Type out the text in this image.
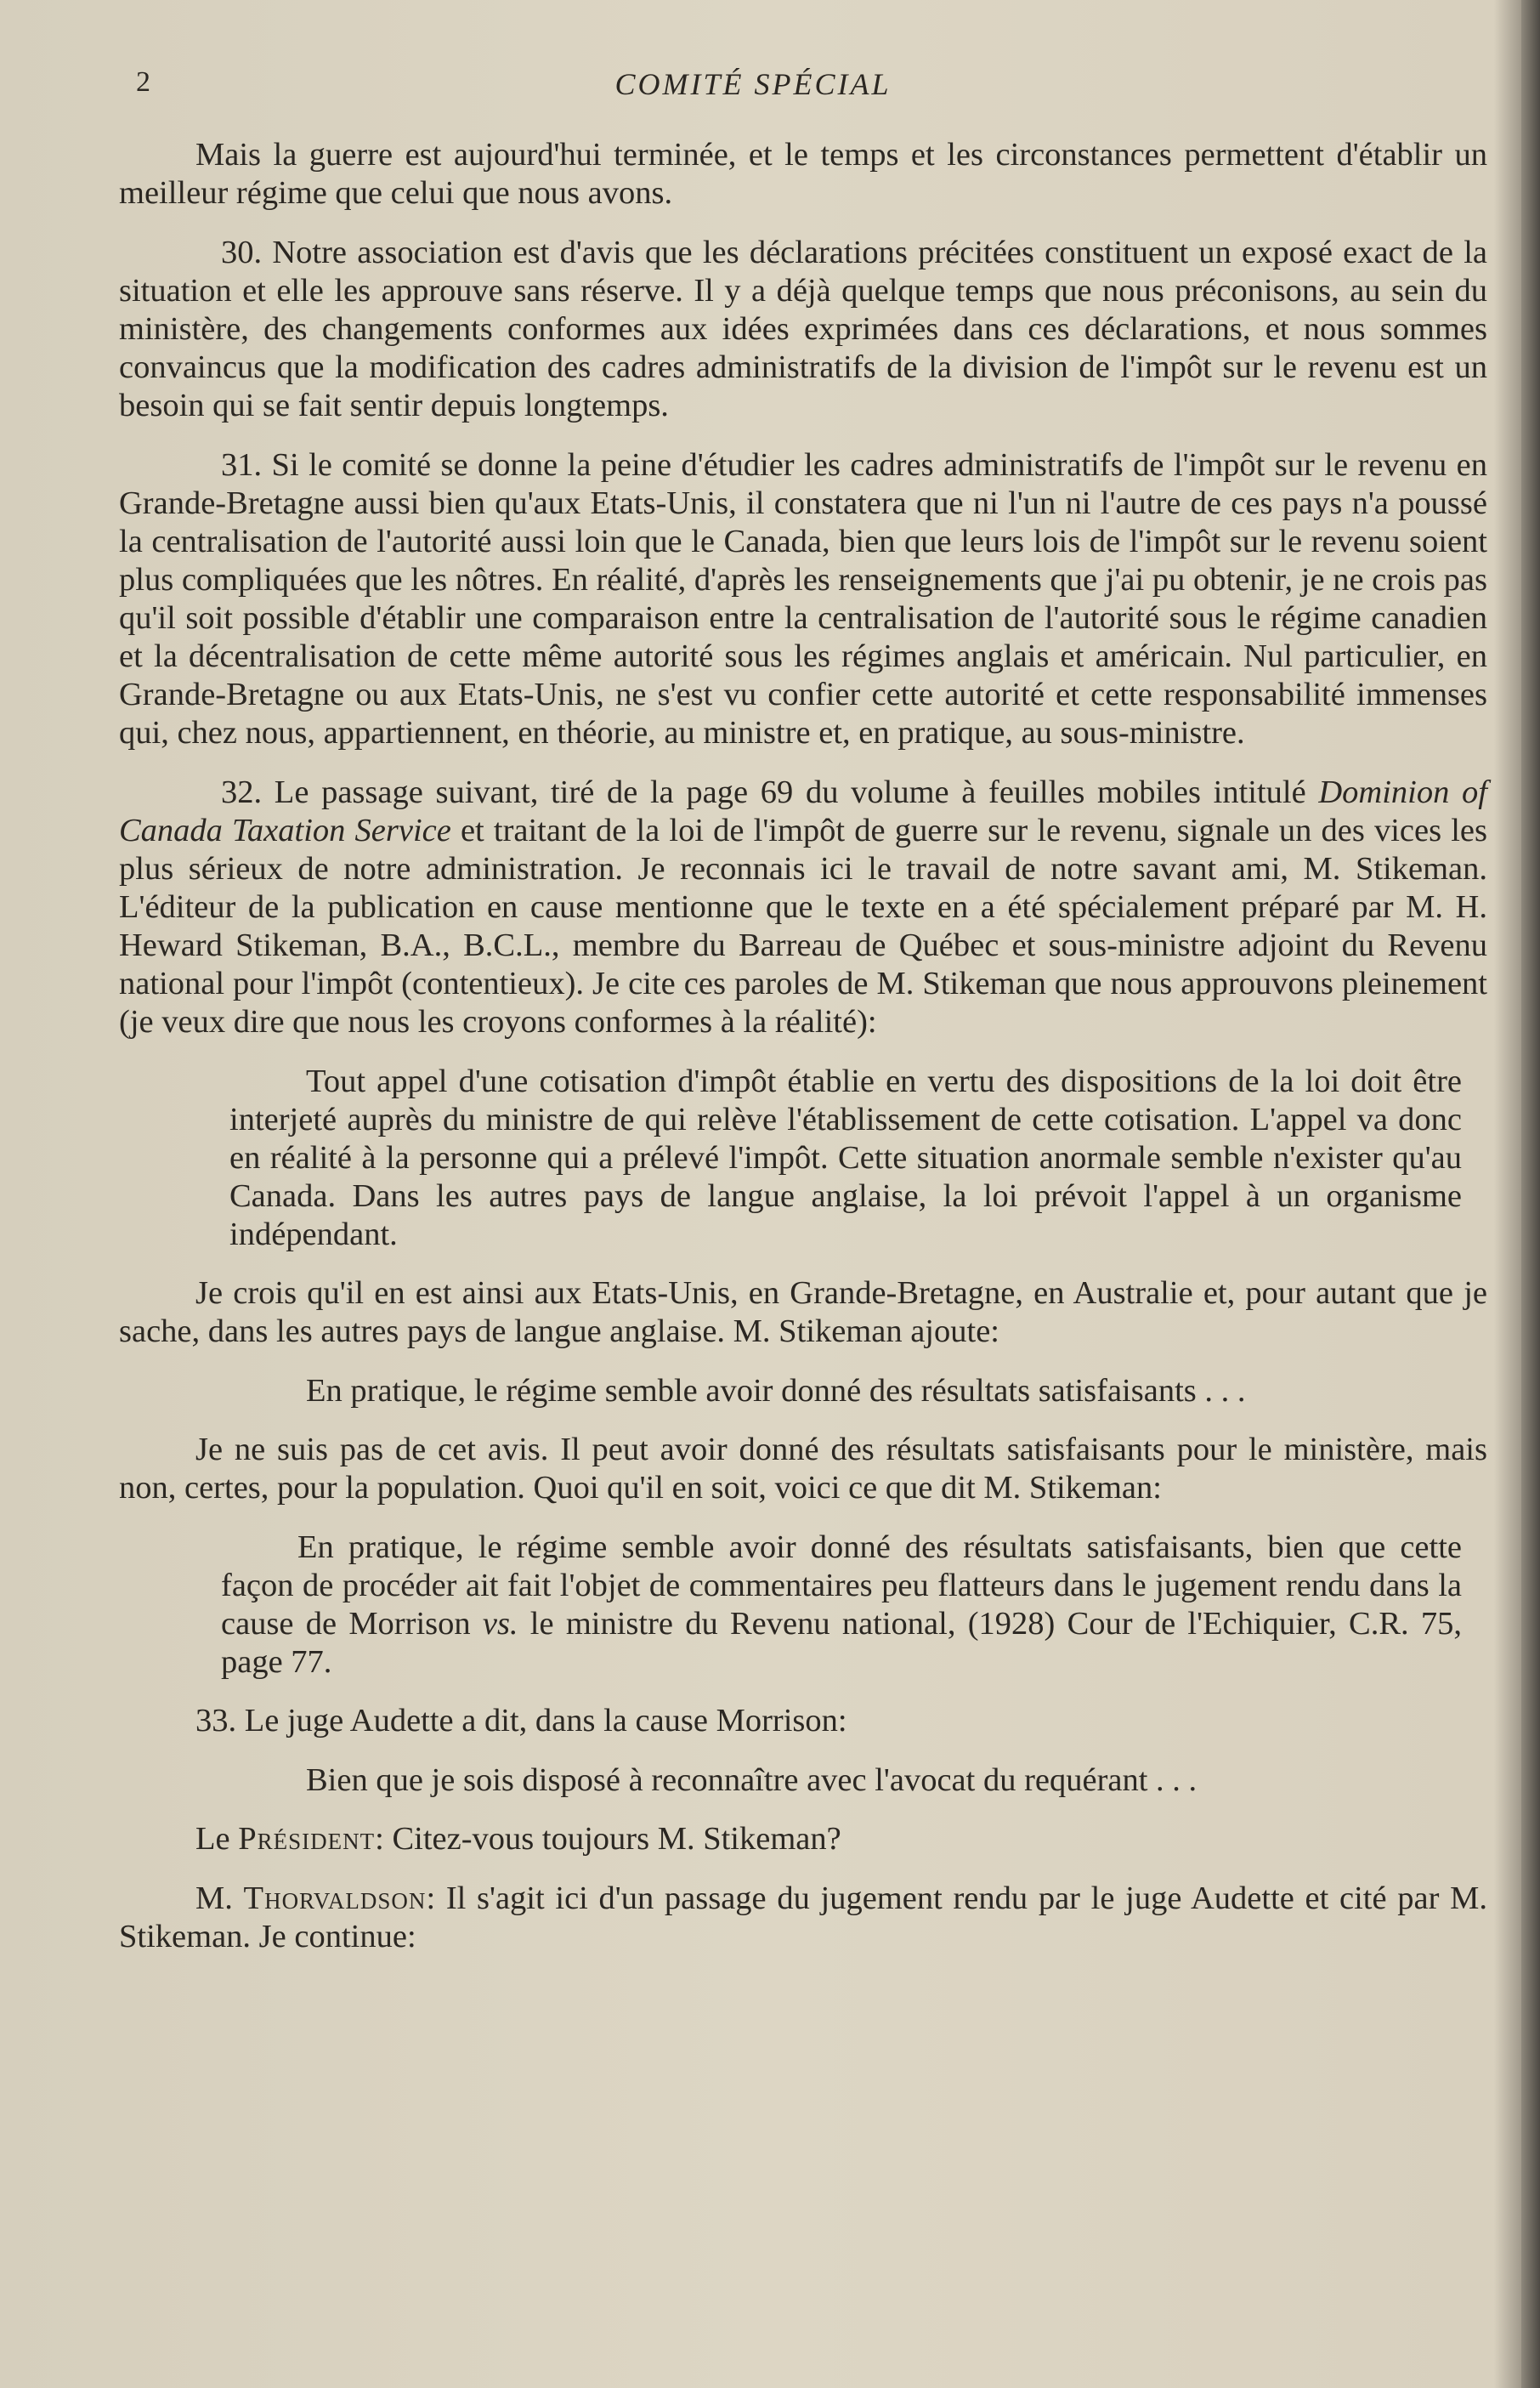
2	COMITÉ SPÉCIAL

Mais la guerre est aujourd'hui terminée, et le temps et les circonstances permettent d'établir un meilleur régime que celui que nous avons.

30. Notre association est d'avis que les déclarations précitées constituent un exposé exact de la situation et elle les approuve sans réserve. Il y a déjà quelque temps que nous préconisons, au sein du ministère, des changements conformes aux idées exprimées dans ces déclarations, et nous sommes convaincus que la modification des cadres administratifs de la division de l'impôt sur le revenu est un besoin qui se fait sentir depuis longtemps.

31. Si le comité se donne la peine d'étudier les cadres administratifs de l'impôt sur le revenu en Grande-Bretagne aussi bien qu'aux Etats-Unis, il constatera que ni l'un ni l'autre de ces pays n'a poussé la centralisation de l'autorité aussi loin que le Canada, bien que leurs lois de l'impôt sur le revenu soient plus compliquées que les nôtres. En réalité, d'après les renseignements que j'ai pu obtenir, je ne crois pas qu'il soit possible d'établir une comparaison entre la centralisation de l'autorité sous le régime canadien et la décentralisation de cette même autorité sous les régimes anglais et américain. Nul particulier, en Grande-Bretagne ou aux Etats-Unis, ne s'est vu confier cette autorité et cette responsabilité immenses qui, chez nous, appartiennent, en théorie, au ministre et, en pratique, au sous-ministre.

32. Le passage suivant, tiré de la page 69 du volume à feuilles mobiles intitulé Dominion of Canada Taxation Service et traitant de la loi de l'impôt de guerre sur le revenu, signale un des vices les plus sérieux de notre administration. Je reconnais ici le travail de notre savant ami, M. Stikeman. L'éditeur de la publication en cause mentionne que le texte en a été spécialement préparé par M. H. Heward Stikeman, B.A., B.C.L., membre du Barreau de Québec et sous-ministre adjoint du Revenu national pour l'impôt (contentieux). Je cite ces paroles de M. Stikeman que nous approuvons pleinement (je veux dire que nous les croyons conformes à la réalité):

Tout appel d'une cotisation d'impôt établie en vertu des dispositions de la loi doit être interjeté auprès du ministre de qui relève l'établissement de cette cotisation. L'appel va donc en réalité à la personne qui a prélevé l'impôt. Cette situation anormale semble n'exister qu'au Canada. Dans les autres pays de langue anglaise, la loi prévoit l'appel à un organisme indépendant.

Je crois qu'il en est ainsi aux Etats-Unis, en Grande-Bretagne, en Australie et, pour autant que je sache, dans les autres pays de langue anglaise. M. Stikeman ajoute:

En pratique, le régime semble avoir donné des résultats satisfaisants . . .

Je ne suis pas de cet avis. Il peut avoir donné des résultats satisfaisants pour le ministère, mais non, certes, pour la population. Quoi qu'il en soit, voici ce que dit M. Stikeman:

En pratique, le régime semble avoir donné des résultats satisfaisants, bien que cette façon de procéder ait fait l'objet de commentaires peu flatteurs dans le jugement rendu dans la cause de Morrison vs. le ministre du Revenu national, (1928) Cour de l'Echiquier, C.R. 75, page 77.

33. Le juge Audette a dit, dans la cause Morrison:

Bien que je sois disposé à reconnaître avec l'avocat du requérant . . .

Le Président: Citez-vous toujours M. Stikeman?

M. Thorvaldson: Il s'agit ici d'un passage du jugement rendu par le juge Audette et cité par M. Stikeman. Je continue:
